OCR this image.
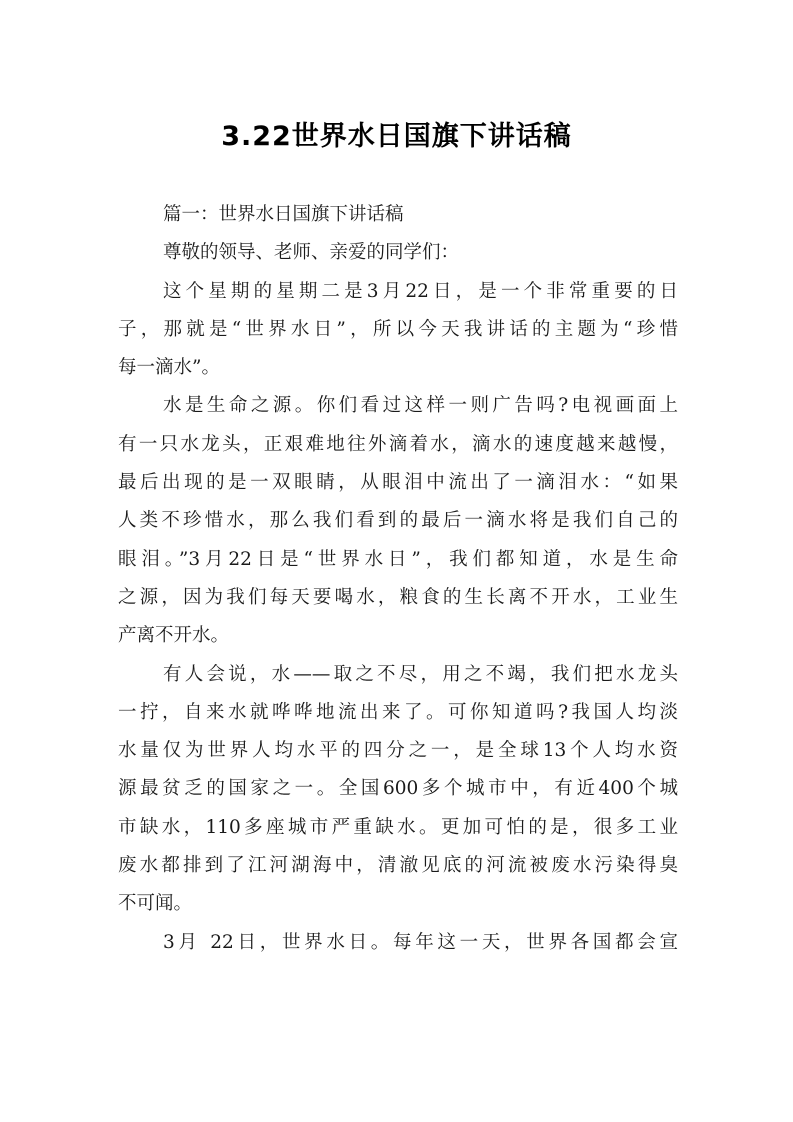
3.22世界水日国旗下讲话稿
篇一：世界水日国旗下讲话稿
尊敬的领导、老师、亲爱的同学们：
这个星期的星期二是3月22日，是一个非常重要的日
子，那就是“世界水日”，所以今天我讲话的主题为“珍惜
每一滴水”。
水是生命之源。你们看过这样一则广告吗?电视画面上
有一只水龙头，正艰难地往外滴着水，滴水的速度越来越慢，
最后出现的是一双眼睛，从眼泪中流出了一滴泪水：“如果
人类不珍惜水，那么我们看到的最后一滴水将是我们自己的
眼泪。”3月22日是“世界水日”，我们都知道，水是生命
之源，因为我们每天要喝水，粮食的生长离不开水，工业生
产离不开水。
有人会说，水——取之不尽，用之不竭，我们把水龙头
一拧，自来水就哗哗地流出来了。可你知道吗?我国人均淡
水量仅为世界人均水平的四分之一，是全球13个人均水资
源最贫乏的国家之一。全国600多个城市中，有近400个城
市缺水，110多座城市严重缺水。更加可怕的是，很多工业
废水都排到了江河湖海中，清澈见底的河流被废水污染得臭
不可闻。
3月 22日，世界水日。每年这一天，世界各国都会宣
